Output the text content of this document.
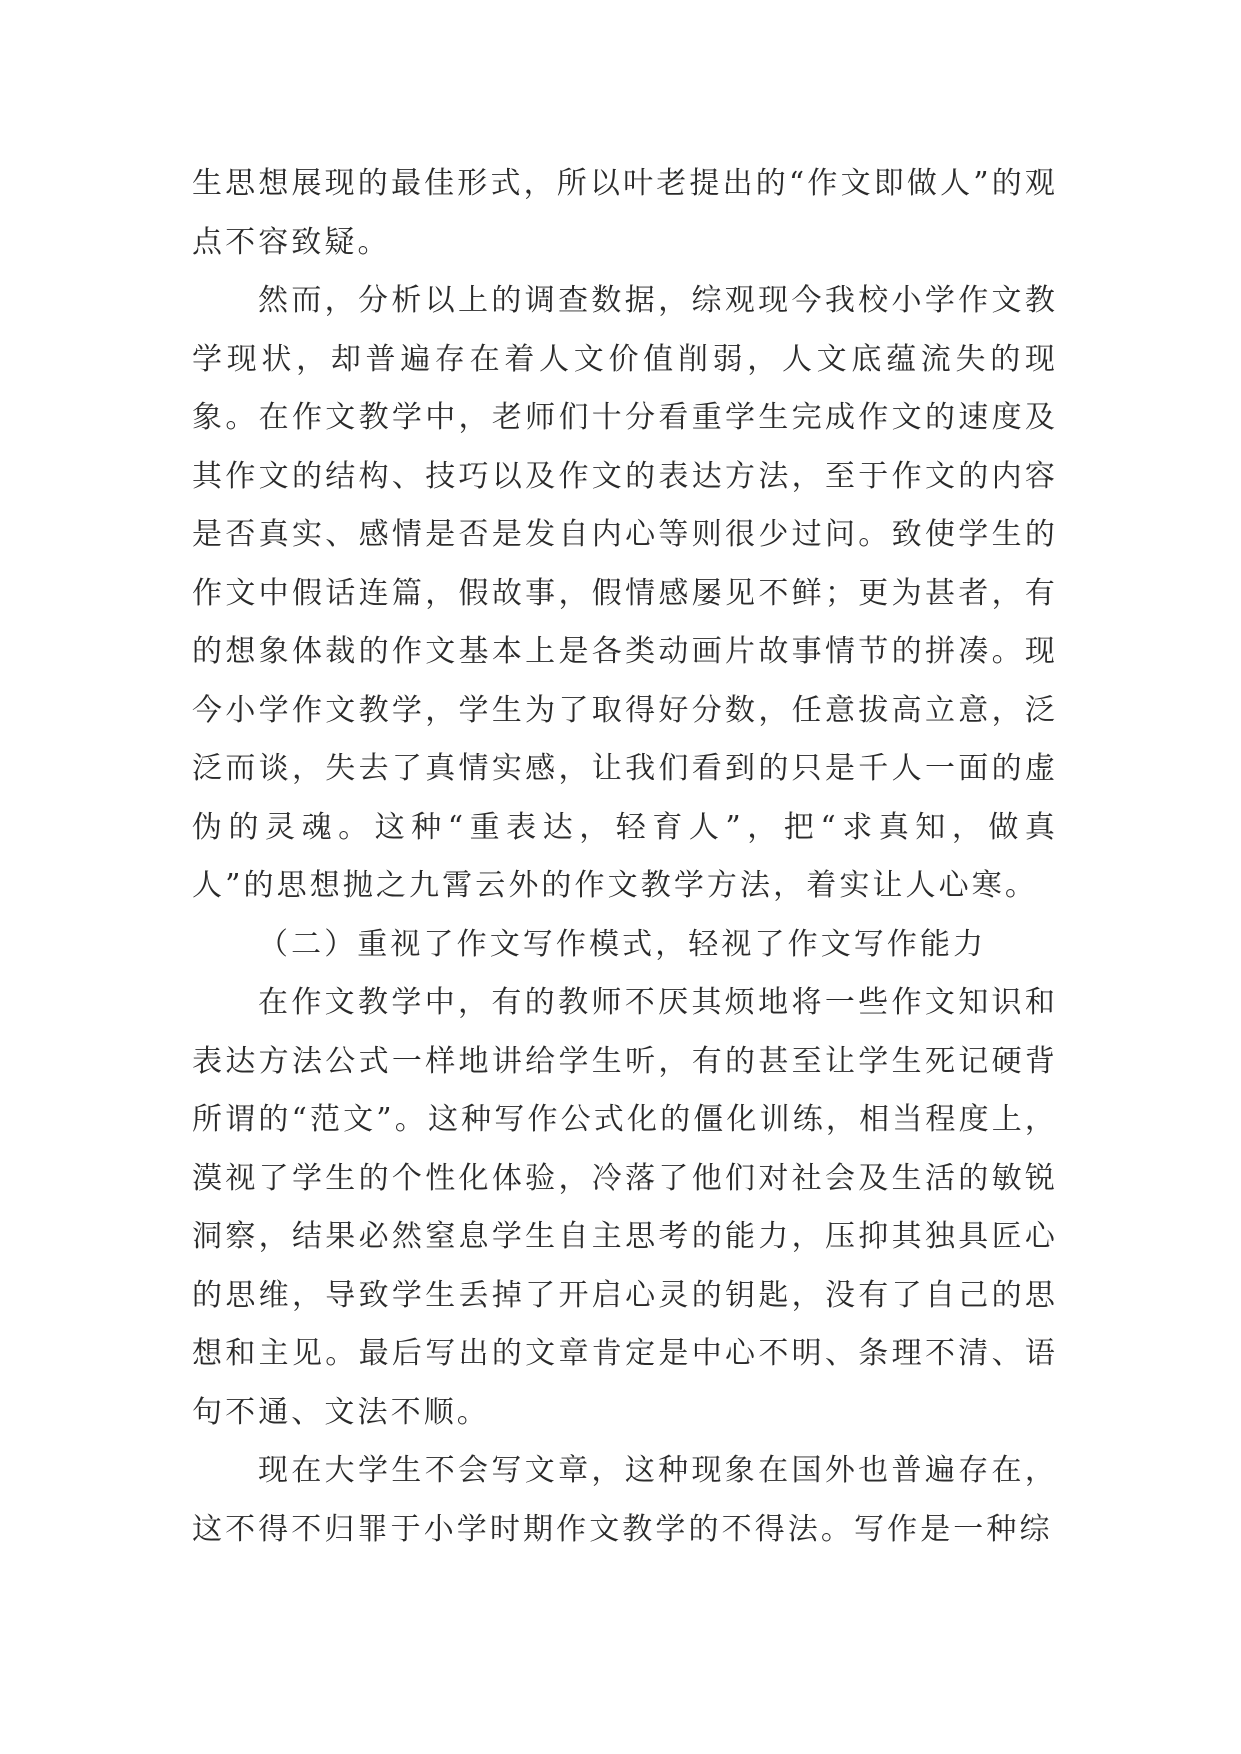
生思想展现的最佳形式，所以叶老提出的“作文即做人”的观点不容致疑。

然而，分析以上的调查数据，综观现今我校小学作文教学现状，却普遍存在着人文价值削弱，人文底蕴流失的现象。在作文教学中，老师们十分看重学生完成作文的速度及其作文的结构、技巧以及作文的表达方法，至于作文的内容是否真实、感情是否是发自内心等则很少过问。致使学生的作文中假话连篇，假故事，假情感屡见不鲜；更为甚者，有的想象体裁的作文基本上是各类动画片故事情节的拼凑。现今小学作文教学，学生为了取得好分数，任意拔高立意，泛泛而谈，失去了真情实感，让我们看到的只是千人一面的虚伪的灵魂。这种“重表达，轻育人”，把“求真知，做真人”的思想抛之九霄云外的作文教学方法，着实让人心寒。

（二）重视了作文写作模式，轻视了作文写作能力

在作文教学中，有的教师不厌其烦地将一些作文知识和表达方法公式一样地讲给学生听，有的甚至让学生死记硬背所谓的“范文”。这种写作公式化的僵化训练，相当程度上，漠视了学生的个性化体验，冷落了他们对社会及生活的敏锐洞察，结果必然窒息学生自主思考的能力，压抑其独具匠心的思维，导致学生丢掉了开启心灵的钥匙，没有了自己的思想和主见。最后写出的文章肯定是中心不明、条理不清、语句不通、文法不顺。

现在大学生不会写文章，这种现象在国外也普遍存在，这不得不归罪于小学时期作文教学的不得法。写作是一种综
